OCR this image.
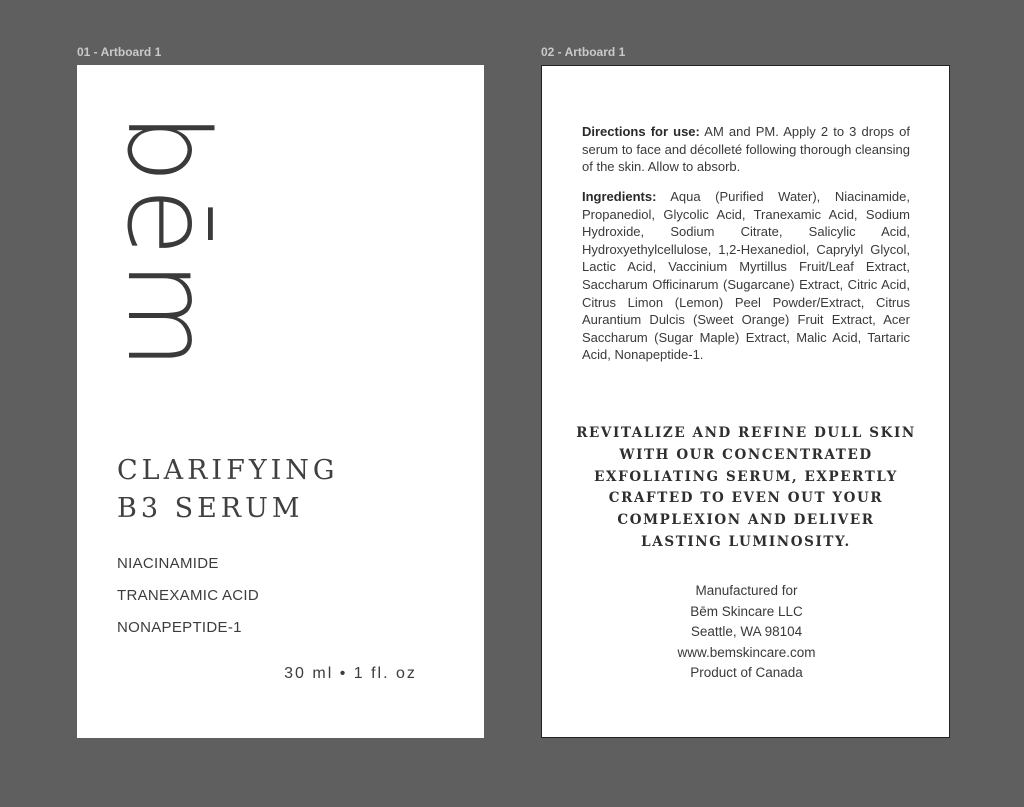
01 - Artboard 1	02 - Artboard 1
bēm
CLARIFYING
B3 SERUM
NIACINAMIDE
TRANEXAMIC ACID
NONAPEPTIDE-1
30 ml • 1 fl. oz
Directions for use: AM and PM. Apply 2 to 3 drops of serum to face and décolleté following thorough cleansing of the skin. Allow to absorb.
Ingredients: Aqua (Purified Water), Niacinamide, Propanediol, Glycolic Acid, Tranexamic Acid, Sodium Hydroxide, Sodium Citrate, Salicylic Acid, Hydroxyethylcellulose, 1,2-Hexanediol, Caprylyl Glycol, Lactic Acid, Vaccinium Myrtillus Fruit/Leaf Extract, Saccharum Officinarum (Sugarcane) Extract, Citric Acid, Citrus Limon (Lemon) Peel Powder/Extract, Citrus Aurantium Dulcis (Sweet Orange) Fruit Extract, Acer Saccharum (Sugar Maple) Extract, Malic Acid, Tartaric Acid, Nonapeptide-1.
REVITALIZE AND REFINE DULL SKIN
WITH OUR CONCENTRATED
EXFOLIATING SERUM, EXPERTLY
CRAFTED TO EVEN OUT YOUR
COMPLEXION AND DELIVER
LASTING LUMINOSITY.
Manufactured for
Bēm Skincare LLC
Seattle, WA 98104
www.bemskincare.com
Product of Canada
